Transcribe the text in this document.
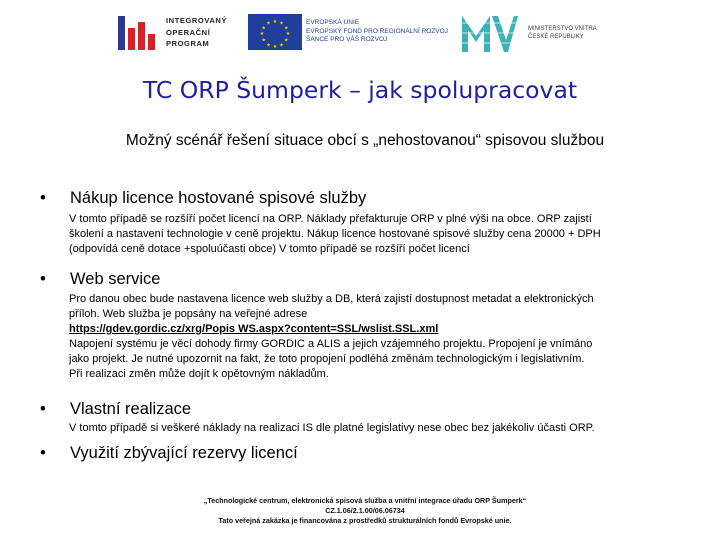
INTEGROVANÝ
OPERAČNÍ
PROGRAM
★ ★
★
★
★
★
★
★
★
★
★
★	EVROPSKÁ UNIE
EVROPSKÝ FOND PRO REGIONÁLNÍ ROZVOJ
ŠANCE PRO VÁŠ ROZVOJ
MINISTERSTVO VNITRA
ČESKÉ REPUBLIKY
TC ORP Šumperk – jak spolupracovat
Možný scénář řešení situace obcí s „nehostovanou“ spisovou službou
• Nákup licence hostované spisové služby
V tomto případě se rozšíří počet licencí na ORP. Náklady přefakturuje ORP v plné výši na obce. ORP zajistí
školení a nastavení technologie v ceně projektu. Nákup licence hostované spisové služby cena 20000 + DPH
(odpovídá ceně dotace +spoluúčasti obce) V tomto případě se rozšíří počet licencí
• Web service
Pro danou obec bude nastavena licence web služby a DB, která zajistí dostupnost metadat a elektronických
příloh. Web služba je popsány na veřejné adrese
https://gdev.gordic.cz/xrg/Popis WS.aspx?content=SSL/wslist.SSL.xml
Napojení systému je věcí dohody firmy GORDIC a ALIS a jejich vzájemného projektu. Propojení je vnímáno
jako projekt. Je nutné upozornit na fakt, že toto propojení podléhá změnám technologickým i legislativním.
Při realizaci změn může dojít k opětovným nákladům.
• Vlastní realizace
V tomto případě si veškeré náklady na realizaci IS dle platné legislativy nese obec bez jakékoliv účasti ORP.
• Využití zbývající rezervy licencí
„Technologické centrum, elektronická spisová služba a vnitřní integrace úřadu ORP Šumperk“
CZ.1.06/2.1.00/06.06734
Tato veřejná zakázka je financována z prostředků strukturálních fondů Evropské unie.
